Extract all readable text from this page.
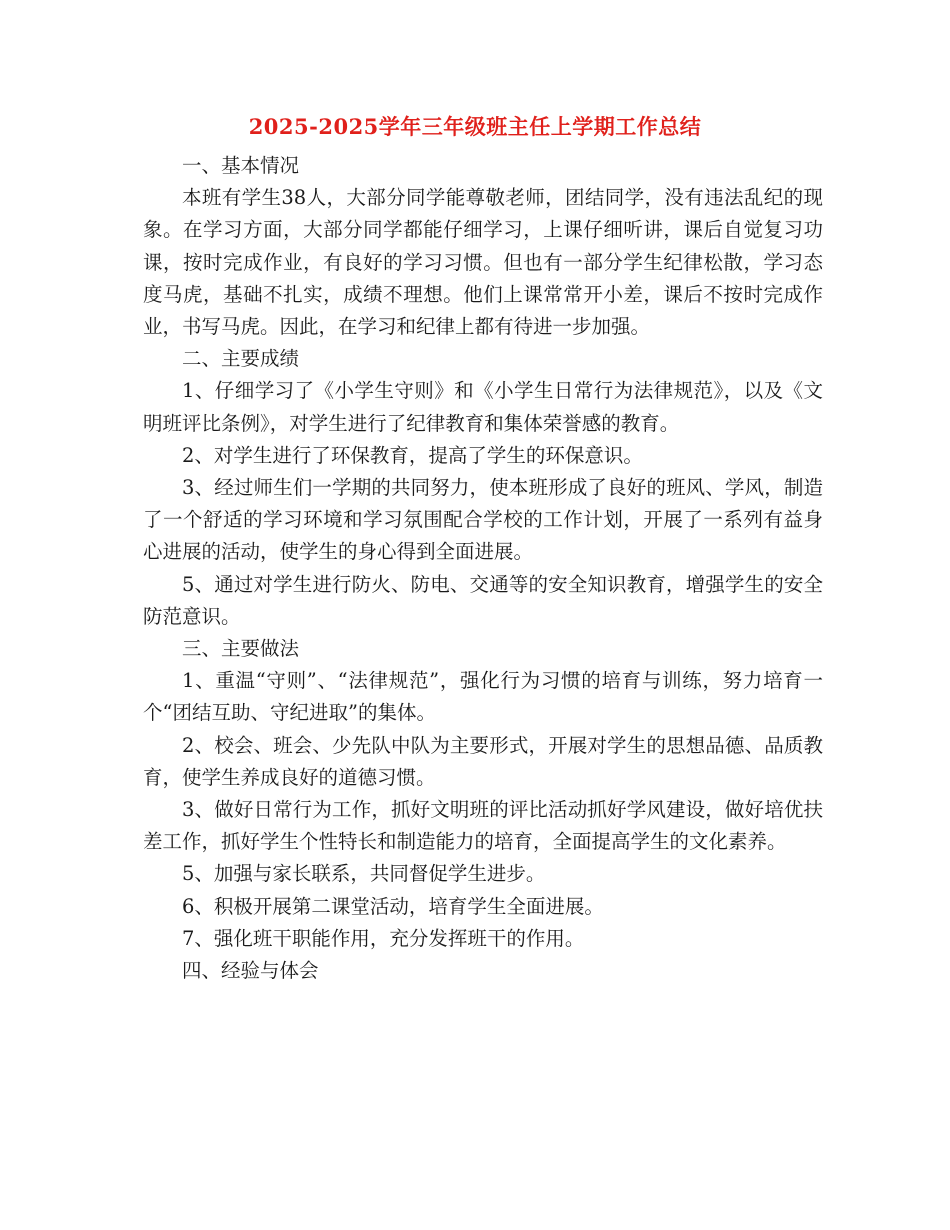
2025-2025学年三年级班主任上学期工作总结

一、基本情况

本班有学生38人，大部分同学能尊敬老师，团结同学，没有违法乱纪的现象。在学习方面，大部分同学都能仔细学习，上课仔细听讲，课后自觉复习功课，按时完成作业，有良好的学习习惯。但也有一部分学生纪律松散，学习态度马虎，基础不扎实，成绩不理想。他们上课常常开小差，课后不按时完成作业，书写马虎。因此，在学习和纪律上都有待进一步加强。

二、主要成绩

1、仔细学习了《小学生守则》和《小学生日常行为法律规范》，以及《文明班评比条例》，对学生进行了纪律教育和集体荣誉感的教育。

2、对学生进行了环保教育，提高了学生的环保意识。

3、经过师生们一学期的共同努力，使本班形成了良好的班风、学风，制造了一个舒适的学习环境和学习氛围配合学校的工作计划，开展了一系列有益身心进展的活动，使学生的身心得到全面进展。

5、通过对学生进行防火、防电、交通等的安全知识教育，增强学生的安全防范意识。

三、主要做法

1、重温“守则”、“法律规范”，强化行为习惯的培育与训练，努力培育一个“团结互助、守纪进取”的集体。

2、校会、班会、少先队中队为主要形式，开展对学生的思想品德、品质教育，使学生养成良好的道德习惯。

3、做好日常行为工作，抓好文明班的评比活动抓好学风建设，做好培优扶差工作，抓好学生个性特长和制造能力的培育，全面提高学生的文化素养。

5、加强与家长联系，共同督促学生进步。

6、积极开展第二课堂活动，培育学生全面进展。

7、强化班干职能作用，充分发挥班干的作用。

四、经验与体会
